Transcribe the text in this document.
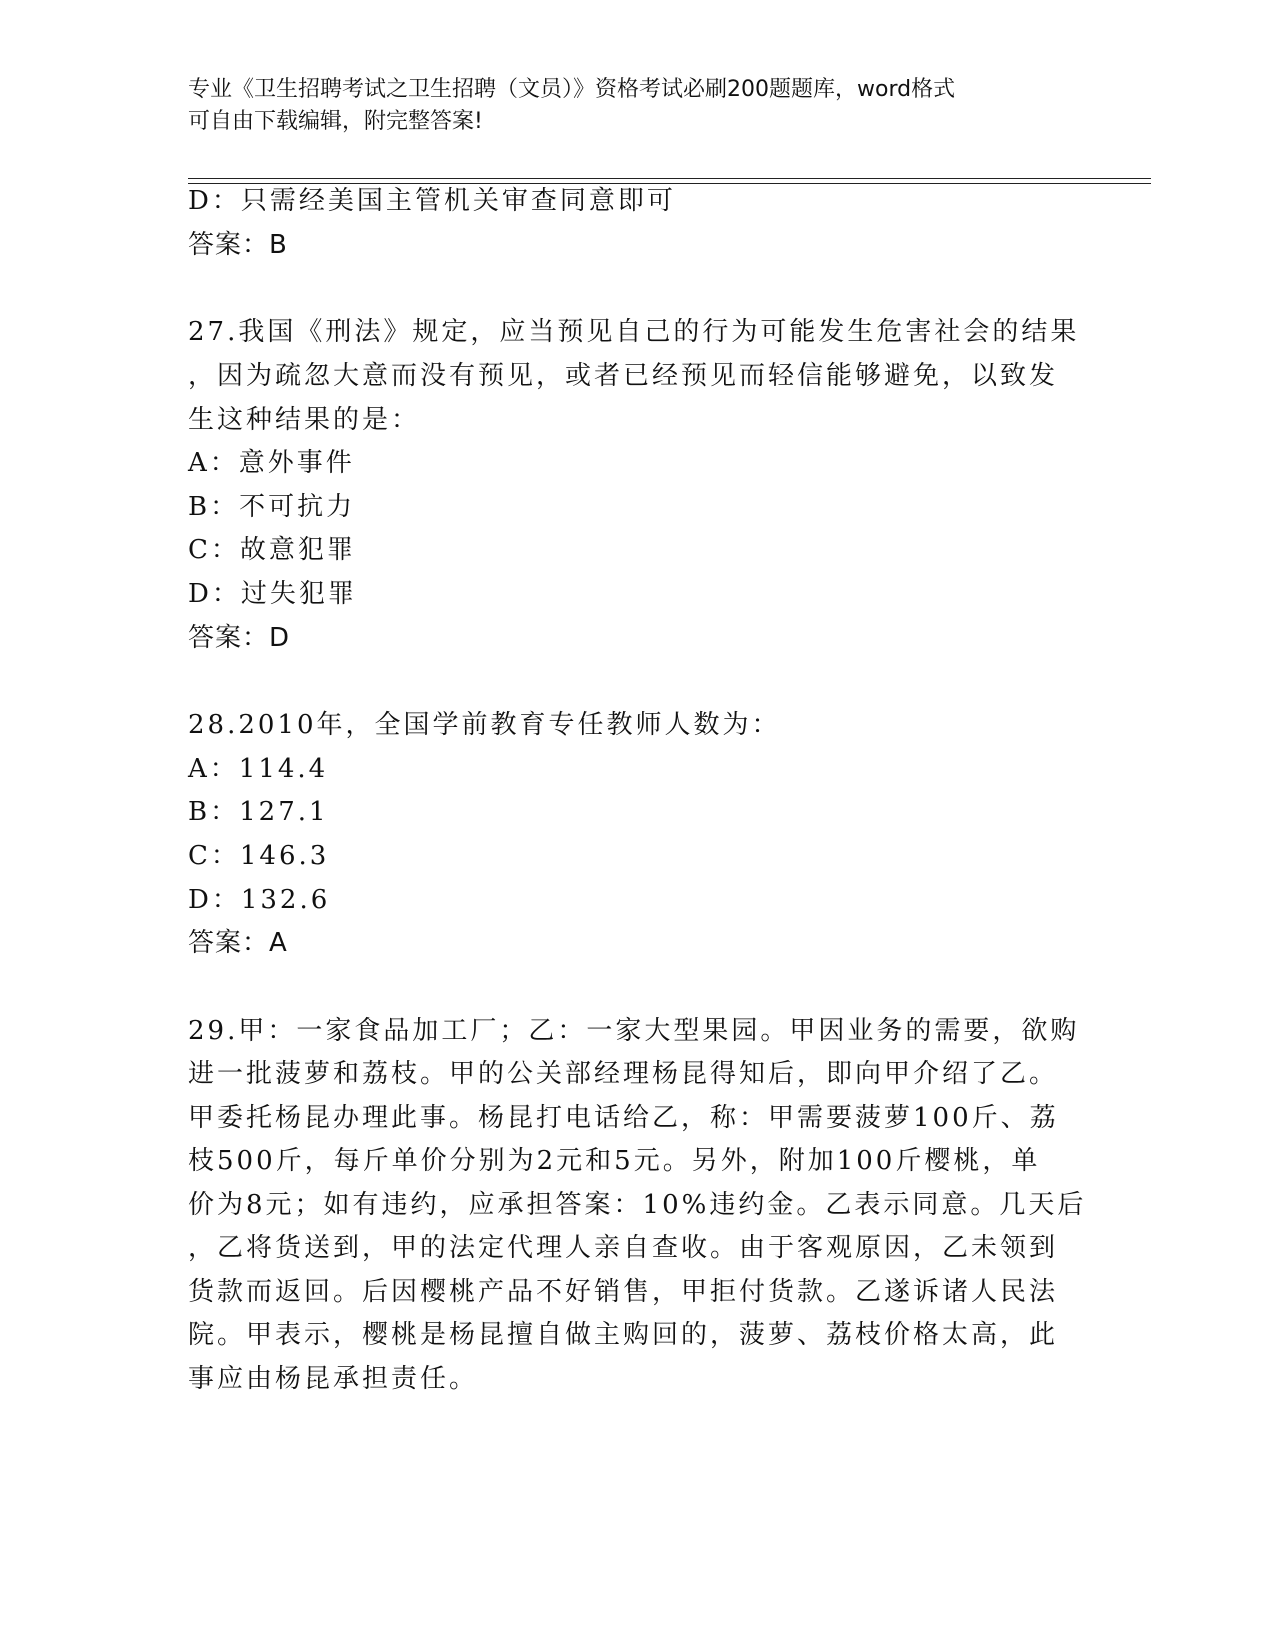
专业《卫生招聘考试之卫生招聘（文员）》资格考试必刷200题题库，word格式
可自由下载编辑，附完整答案!
D：只需经美国主管机关审查同意即可
答案：B
27.我国《刑法》规定，应当预见自己的行为可能发生危害社会的结果
，因为疏忽大意而没有预见，或者已经预见而轻信能够避免，以致发
生这种结果的是：
A：意外事件
B：不可抗力
C：故意犯罪
D：过失犯罪
答案：D
28.2010年，全国学前教育专任教师人数为：
A：114.4
B：127.1
C：146.3
D：132.6
答案：A
29.甲：一家食品加工厂；乙：一家大型果园。甲因业务的需要，欲购
进一批菠萝和荔枝。甲的公关部经理杨昆得知后，即向甲介绍了乙。
甲委托杨昆办理此事。杨昆打电话给乙，称：甲需要菠萝100斤、荔
枝500斤，每斤单价分别为2元和5元。另外，附加100斤樱桃，单
价为8元；如有违约，应承担答案：10%违约金。乙表示同意。几天后
，乙将货送到，甲的法定代理人亲自查收。由于客观原因，乙未领到
货款而返回。后因樱桃产品不好销售，甲拒付货款。乙遂诉诸人民法
院。甲表示，樱桃是杨昆擅自做主购回的，菠萝、荔枝价格太高，此
事应由杨昆承担责任。
